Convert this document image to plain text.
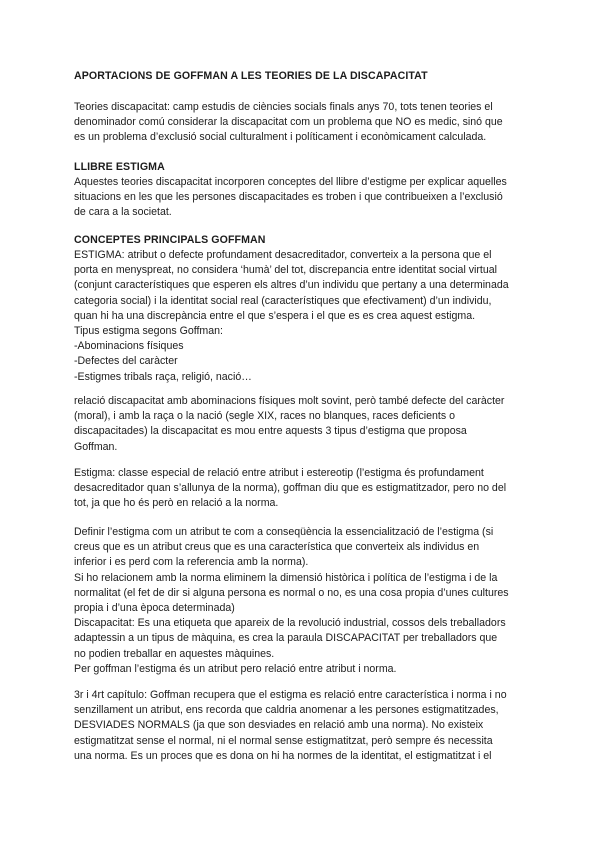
APORTACIONS DE GOFFMAN A LES TEORIES DE LA DISCAPACITAT
Teories discapacitat: camp estudis de ciències socials finals anys 70, tots tenen teories el
denominador comú considerar la discapacitat com un problema que NO es medic, sinó que
es un problema d’exclusió social culturalment i políticament i econòmicament calculada.
LLIBRE ESTIGMA
Aquestes teories discapacitat incorporen conceptes del llibre d’estigme per explicar aquelles
situacions en les que les persones discapacitades es troben i que contribueixen a l’exclusió
de cara a la societat.
CONCEPTES PRINCIPALS GOFFMAN
ESTIGMA: atribut o defecte profundament desacreditador, converteix a la persona que el
porta en menyspreat, no considera ‘humà’ del tot, discrepancia entre identitat social virtual
(conjunt característiques que esperen els altres d’un individu que pertany a una determinada
categoria social) i la identitat social real (característiques que efectivament) d’un individu,
quan hi ha una discrepància entre el que s’espera i el que es es crea aquest estigma.
Tipus estigma segons Goffman:
-Abominacions físiques
-Defectes del caràcter
-Estigmes tribals raça, religió, nació…
relació discapacitat amb abominacions físiques molt sovint, però també defecte del caràcter
(moral), i amb la raça o la nació (segle XIX, races no blanques, races deficients o
discapacitades) la discapacitat es mou entre aquests 3 tipus d’estigma que proposa
Goffman.
Estigma: classe especial de relació entre atribut i estereotip (l’estigma és profundament
desacreditador quan s’allunya de la norma), goffman diu que es estigmatitzador, pero no del
tot, ja que ho és però en relació a la norma.
Definir l’estigma com un atribut te com a conseqüència la essencialització de l’estigma (si
creus que es un atribut creus que es una característica que converteix als individus en
inferior i es perd com la referencia amb la norma).
Si ho relacionem amb la norma eliminem la dimensió històrica i política de l’estigma i de la
normalitat (el fet de dir si alguna persona es normal o no, es una cosa propia d’unes cultures
propia i d’una època determinada)
Discapacitat: Es una etiqueta que apareix de la revolució industrial, cossos dels treballadors
adaptessin a un tipus de màquina, es crea la paraula DISCAPACITAT per treballadors que
no podien treballar en aquestes màquines.
Per goffman l’estigma és un atribut pero relació entre atribut i norma.
3r i 4rt capítulo: Goffman recupera que el estigma es relació entre característica i norma i no
senzillament un atribut, ens recorda que caldria anomenar a les persones estigmatitzades,
DESVIADES NORMALS (ja que son desviades en relació amb una norma). No existeix
estigmatitzat sense el normal, ni el normal sense estigmatitzat, però sempre és necessita
una norma. Es un proces que es dona on hi ha normes de la identitat, el estigmatitzat i el
